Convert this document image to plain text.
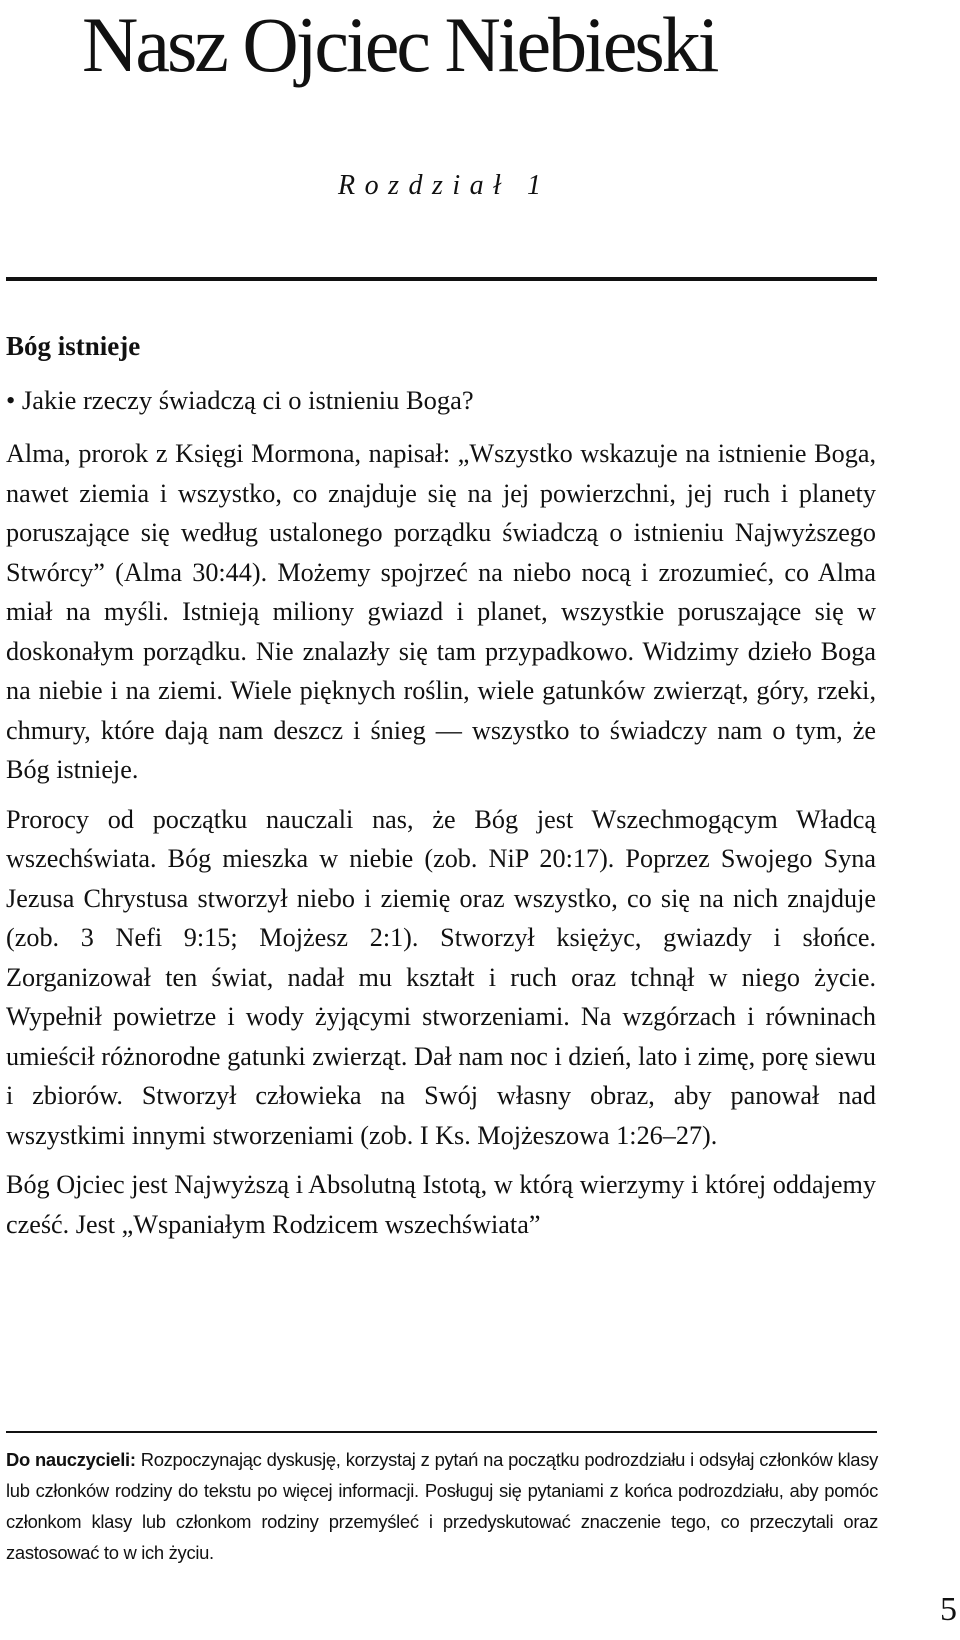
Nasz Ojciec Niebieski
Rozdział 1
Bóg istnieje
• Jakie rzeczy świadczą ci o istnieniu Boga?

Alma, prorok z Księgi Mormona, napisał: „Wszystko wskazuje na istnienie Boga, nawet ziemia i wszystko, co znajduje się na jej powierzchni, jej ruch i planety poruszające się według ustalonego porządku świadczą o istnieniu Najwyższego Stwórcy” (Alma 30:44). Możemy spojrzeć na niebo nocą i zrozumieć, co Alma miał na myśli. Istnieją miliony gwiazd i planet, wszystkie poruszające się w doskonałym porządku. Nie znalazły się tam przypadkowo. Widzimy dzieło Boga na niebie i na ziemi. Wiele pięknych roślin, wiele gatunków zwierząt, góry, rzeki, chmury, które dają nam deszcz i śnieg — wszystko to świadczy nam o tym, że Bóg istnieje.

Prorocy od początku nauczali nas, że Bóg jest Wszechmogącym Władcą wszechświata. Bóg mieszka w niebie (zob. NiP 20:17). Poprzez Swojego Syna Jezusa Chrystusa stworzył niebo i ziemię oraz wszystko, co się na nich znajduje (zob. 3 Nefi 9:15; Mojżesz 2:1). Stworzył księżyc, gwiazdy i słońce. Zorganizował ten świat, nadał mu kształt i ruch oraz tchnął w niego życie. Wypełnił powietrze i wody żyjącymi stworzeniami. Na wzgórzach i równinach umieścił różnorodne gatunki zwierząt. Dał nam noc i dzień, lato i zimę, porę siewu i zbiorów. Stworzył człowieka na Swój własny obraz, aby panował nad wszystkimi innymi stworzeniami (zob. I Ks. Mojżeszowa 1:26–27).

Bóg Ojciec jest Najwyższą i Absolutną Istotą, w którą wierzymy i której oddajemy cześć. Jest „Wspaniałym Rodzicem wszechświata”

Do nauczycieli: Rozpoczynając dyskusję, korzystaj z pytań na początku podrozdziału i odsyłaj członków klasy lub członków rodziny do tekstu po więcej informacji. Posługuj się pytaniami z końca podrozdziału, aby pomóc członkom klasy lub członkom rodziny przemyśleć i przedyskutować znaczenie tego, co przeczytali oraz zastosować to w ich życiu.

5
